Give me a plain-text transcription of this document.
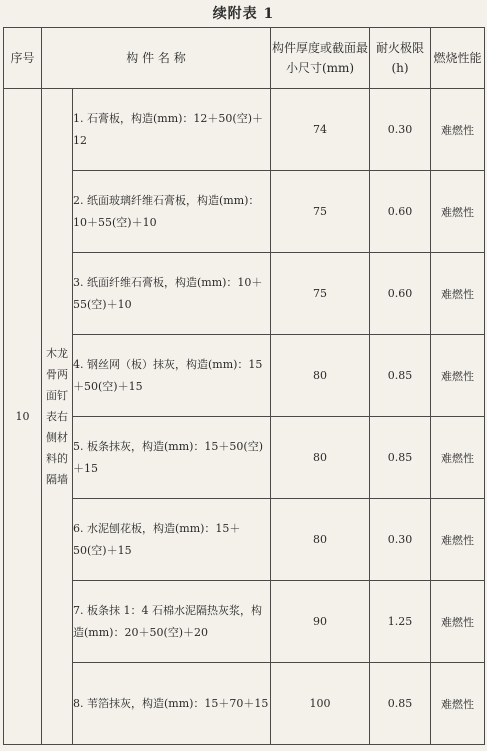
续附表 1
序号	构 件 名 称		构件厚度或截面最小尺寸(mm)	耐火极限(h)	燃烧性能
10	木龙骨两面钉表右侧材料的隔墙	1. 石膏板，构造(mm)：12＋50(空)＋12	74	0.30	难燃性
		2. 纸面玻璃纤维石膏板，构造(mm)：10＋55(空)＋10	75	0.60	难燃性
		3. 纸面纤维石膏板，构造(mm)：10＋55(空)＋10	75	0.60	难燃性
		4. 钢丝网（板）抹灰，构造(mm)：15＋50(空)＋15	80	0.85	难燃性
		5. 板条抹灰，构造(mm)：15＋50(空)＋15	80	0.85	难燃性
		6. 水泥刨花板，构造(mm)：15＋50(空)＋15	80	0.30	难燃性
		7. 板条抹 1：4 石棉水泥隔热灰浆，构造(mm)：20＋50(空)＋20	90	1.25	难燃性
		8. 苇箔抹灰，构造(mm)：15＋70＋15	100	0.85	难燃性
